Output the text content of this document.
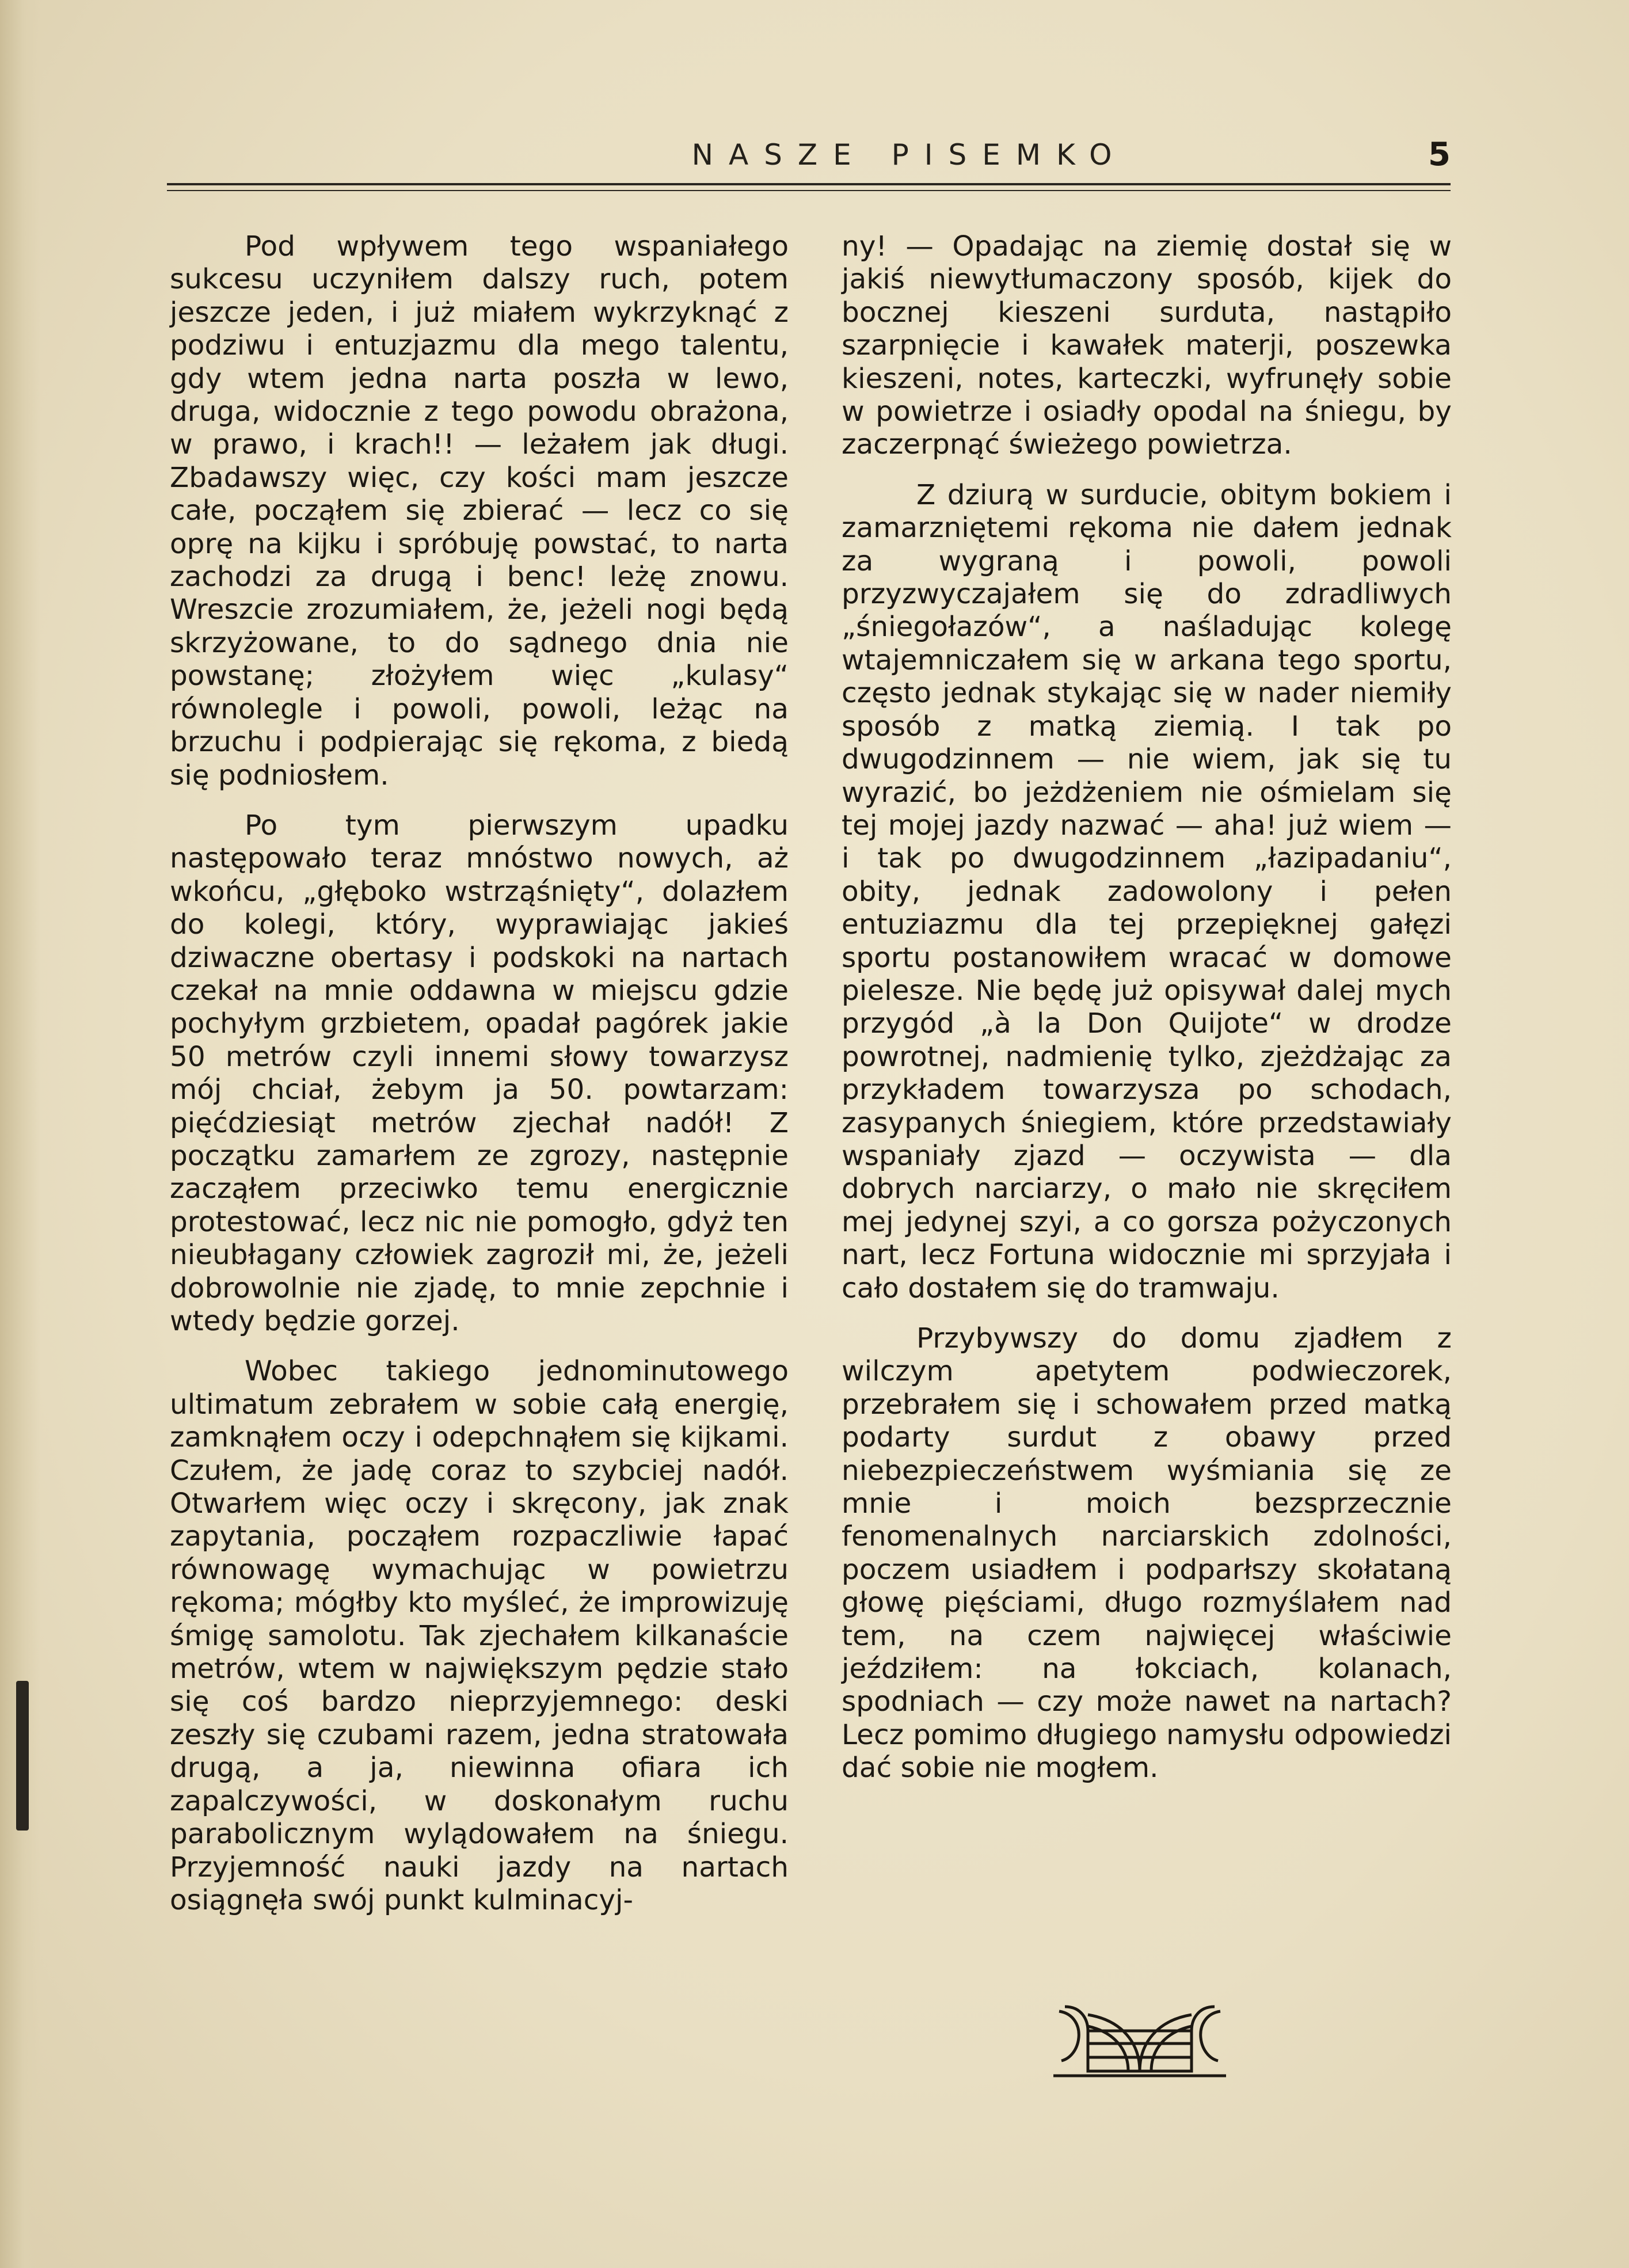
NASZE PISEMKO	5

Pod wpływem tego wspaniałego sukcesu uczyniłem dalszy ruch, potem jeszcze jeden, i już miałem wykrzyknąć z podziwu i entuzjazmu dla mego talentu, gdy wtem jedna narta poszła w lewo, druga, widocznie z tego powodu obrażona, w prawo, i krach!! — leżałem jak długi. Zbadawszy więc, czy kości mam jeszcze całe, począłem się zbierać — lecz co się oprę na kijku i spróbuję powstać, to narta zachodzi za drugą i benc! leżę znowu. Wreszcie zrozumiałem, że, jeżeli nogi będą skrzyżowane, to do sądnego dnia nie powstanę; złożyłem więc „kulasy“ równolegle i powoli, powoli, leżąc na brzuchu i podpierając się rękoma, z biedą się podniosłem.

Po tym pierwszym upadku następowało teraz mnóstwo nowych, aż wkońcu, „głęboko wstrząśnięty“, dolazłem do kolegi, który, wyprawiając jakieś dziwaczne obertasy i podskoki na nartach czekał na mnie oddawna w miejscu gdzie pochyłym grzbietem, opadał pagórek jakie 50 metrów czyli innemi słowy towarzysz mój chciał, żebym ja 50. powtarzam: pięćdziesiąt metrów zjechał nadół! Z początku zamarłem ze zgrozy, następnie zacząłem przeciwko temu energicznie protestować, lecz nic nie pomogło, gdyż ten nieubłagany człowiek zagroził mi, że, jeżeli dobrowolnie nie zjadę, to mnie zepchnie i wtedy będzie gorzej.

Wobec takiego jednominutowego ultimatum zebrałem w sobie całą energię, zamknąłem oczy i odepchnąłem się kijkami. Czułem, że jadę coraz to szybciej nadół. Otwarłem więc oczy i skręcony, jak znak zapytania, począłem rozpaczliwie łapać równowagę wymachując w powietrzu rękoma; mógłby kto myśleć, że improwizuję śmigę samolotu. Tak zjechałem kilkanaście metrów, wtem w największym pędzie stało się coś bardzo nieprzyjemnego: deski zeszły się czubami razem, jedna stratowała drugą, a ja, niewinna ofiara ich zapalczywości, w doskonałym ruchu parabolicznym wylądowałem na śniegu. Przyjemność nauki jazdy na nartach osiągnęła swój punkt kulminacyj-

ny! — Opadając na ziemię dostał się w jakiś niewytłumaczony sposób, kijek do bocznej kieszeni surduta, nastąpiło szarpnięcie i kawałek materji, poszewka kieszeni, notes, karteczki, wyfrunęły sobie w powietrze i osiadły opodal na śniegu, by zaczerpnąć świeżego powietrza.

Z dziurą w surducie, obitym bokiem i zamarzniętemi rękoma nie dałem jednak za wygraną i powoli, powoli przyzwyczajałem się do zdradliwych „śniegołazów“, a naśladując kolegę wtajemniczałem się w arkana tego sportu, często jednak stykając się w nader niemiły sposób z matką ziemią. I tak po dwugodzinnem — nie wiem, jak się tu wyrazić, bo jeżdżeniem nie ośmielam się tej mojej jazdy nazwać — aha! już wiem — i tak po dwugodzinnem „łazipadaniu“, obity, jednak zadowolony i pełen entuziazmu dla tej przepięknej gałęzi sportu postanowiłem wracać w domowe pielesze. Nie będę już opisywał dalej mych przygód „à la Don Quijote“ w drodze powrotnej, nadmienię tylko, zjeżdżając za przykładem towarzysza po schodach, zasypanych śniegiem, które przedstawiały wspaniały zjazd — oczywista — dla dobrych narciarzy, o mało nie skręciłem mej jedynej szyi, a co gorsza pożyczonych nart, lecz Fortuna widocznie mi sprzyjała i cało dostałem się do tramwaju.

Przybywszy do domu zjadłem z wilczym apetytem podwieczorek, przebrałem się i schowałem przed matką podarty surdut z obawy przed niebezpieczeństwem wyśmiania się ze mnie i moich bezsprzecznie fenomenalnych narciarskich zdolności, poczem usiadłem i podparłszy skołataną głowę pięściami, długo rozmyślałem nad tem, na czem najwięcej właściwie jeździłem: na łokciach, kolanach, spodniach — czy może nawet na nartach? Lecz pomimo długiego namysłu odpowiedzi dać sobie nie mogłem.
